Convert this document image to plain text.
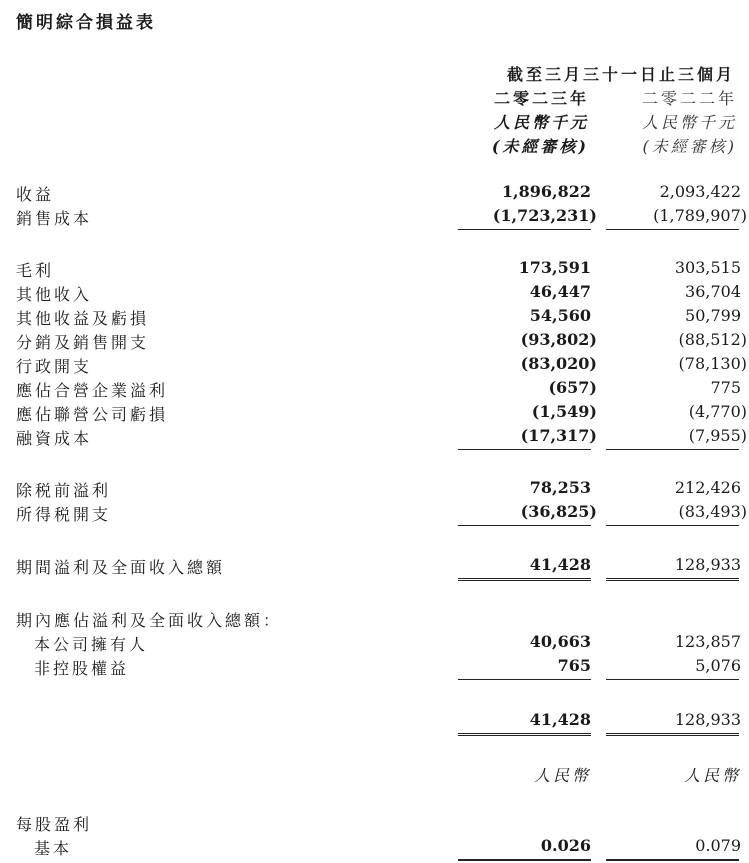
簡明綜合損益表
截至三月三十一日止三個月
二零二三年	二零二二年
人民幣千元	人民幣千元
(未經審核)	(未經審核)
收益	1,896,822	2,093,422
銷售成本	(1,723,231)	(1,789,907)
毛利	173,591	303,515
其他收入	46,447	36,704
其他收益及虧損	54,560	50,799
分銷及銷售開支	(93,802)	(88,512)
行政開支	(83,020)	(78,130)
應佔合營企業溢利	(657)	775
應佔聯營公司虧損	(1,549)	(4,770)
融資成本	(17,317)	(7,955)
除税前溢利	78,253	212,426
所得税開支	(36,825)	(83,493)
期間溢利及全面收入總額	41,428	128,933
期內應佔溢利及全面收入總額：
本公司擁有人	40,663	123,857
非控股權益	765	5,076
41,428	128,933
人民幣	人民幣
每股盈利
基本	0.026	0.079
